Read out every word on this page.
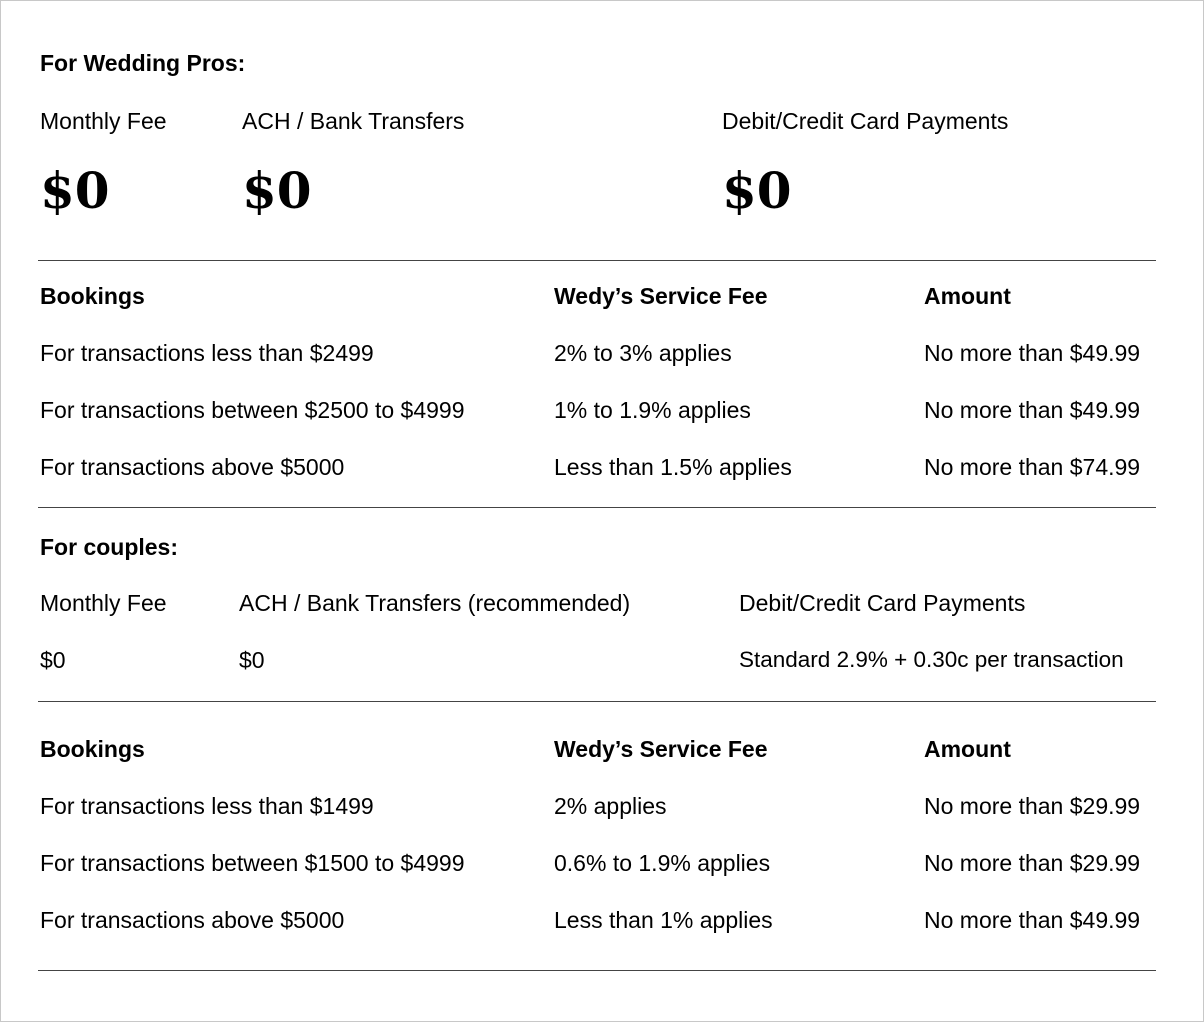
For Wedding Pros:
Monthly Fee	ACH / Bank Transfers	Debit/Credit Card Payments
$0	$0	$0
Bookings	Wedy’s Service Fee	Amount
For transactions less than $2499	2% to 3% applies	No more than $49.99
For transactions between $2500 to $4999	1% to 1.9% applies	No more than $49.99
For transactions above $5000	Less than 1.5% applies	No more than $74.99
For couples:
Monthly Fee	ACH / Bank Transfers (recommended)	Debit/Credit Card Payments
$0	$0	Standard 2.9% + 0.30c per transaction
Bookings	Wedy’s Service Fee	Amount
For transactions less than $1499	2% applies	No more than $29.99
For transactions between $1500 to $4999	0.6% to 1.9% applies	No more than $29.99
For transactions above $5000	Less than 1% applies	No more than $49.99
